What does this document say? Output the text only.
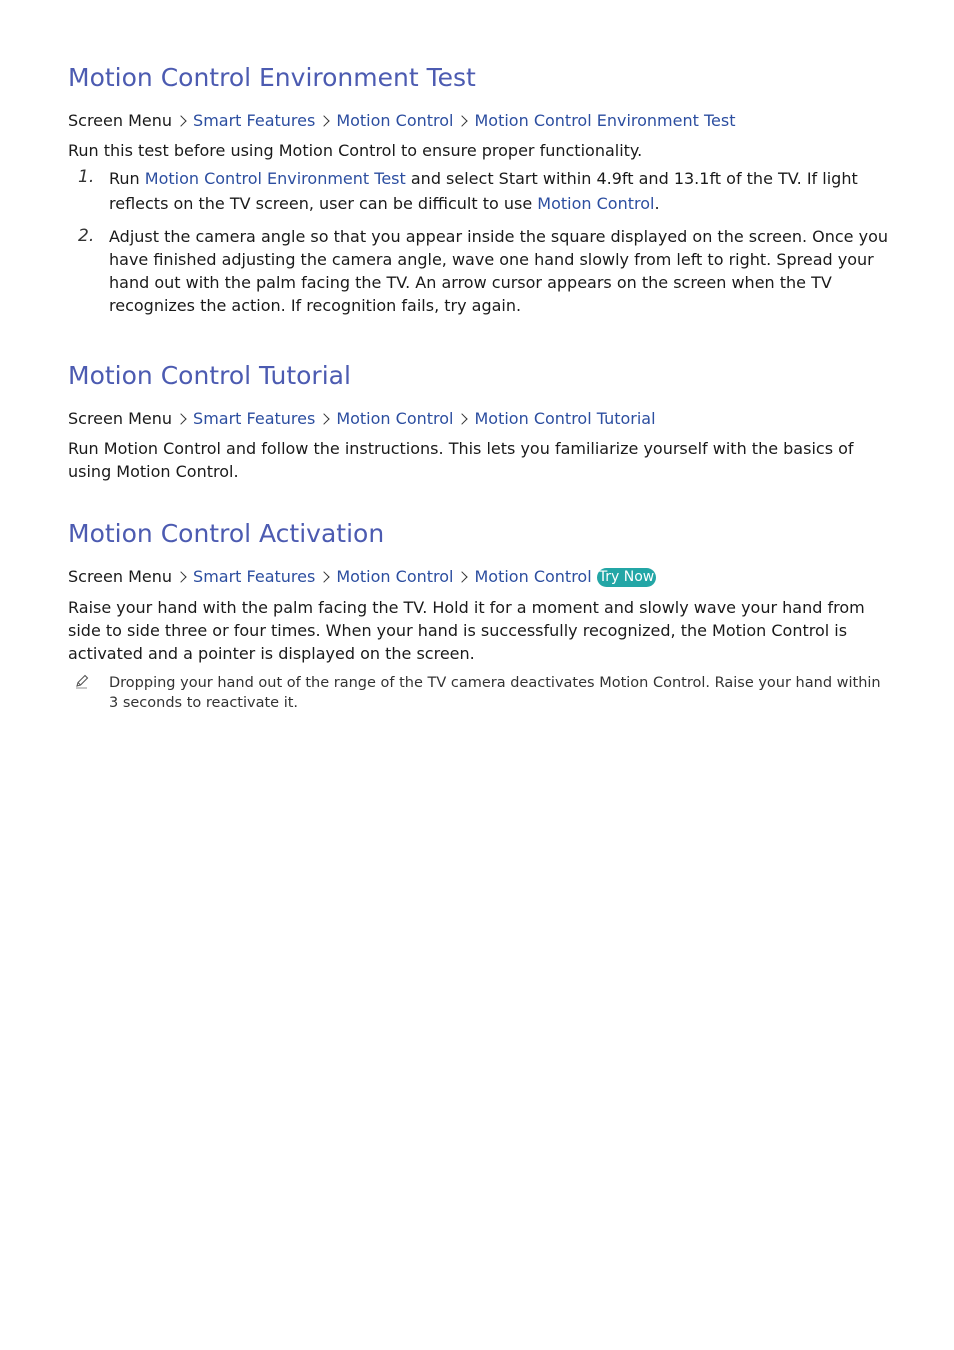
Motion Control Environment Test
Screen Menu Smart Features Motion Control Motion Control Environment Test
Run this test before using Motion Control to ensure proper functionality.
1. Run Motion Control Environment Test and select Start within 4.9ft and 13.1ft of the TV. If light reflects on the TV screen, user can be difficult to use Motion Control.
2. Adjust the camera angle so that you appear inside the square displayed on the screen. Once you have finished adjusting the camera angle, wave one hand slowly from left to right. Spread your hand out with the palm facing the TV. An arrow cursor appears on the screen when the TV recognizes the action. If recognition fails, try again.
Motion Control Tutorial
Screen Menu Smart Features Motion Control Motion Control Tutorial
Run Motion Control and follow the instructions. This lets you familiarize yourself with the basics of using Motion Control.
Motion Control Activation
Screen Menu Smart Features Motion Control Motion Control Try Now
Raise your hand with the palm facing the TV. Hold it for a moment and slowly wave your hand from side to side three or four times. When your hand is successfully recognized, the Motion Control is activated and a pointer is displayed on the screen.
Dropping your hand out of the range of the TV camera deactivates Motion Control. Raise your hand within 3 seconds to reactivate it.
